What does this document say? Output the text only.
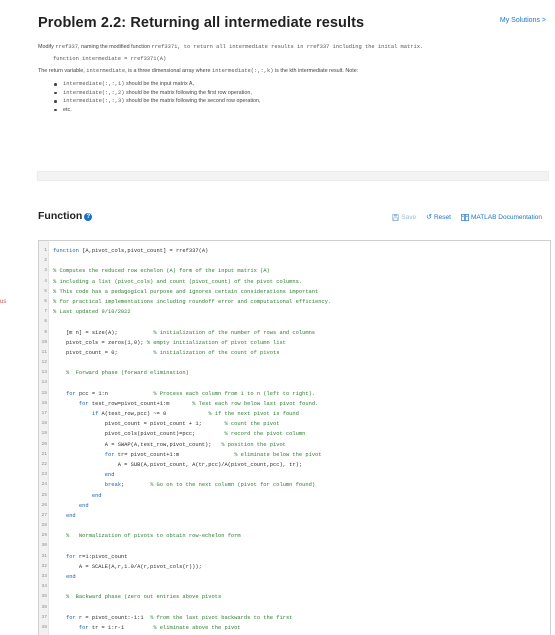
us
Problem 2.2: Returning all intermediate results	My Solutions >

Modify rref337, naming the modified function rref3371, to return all intermediate results in rref337 including the inital matrix.

function intermediate = rref3371(A)

The return variable, intermediate, is a three dimensional array where intermediate(:,:,k) is the kth intermediate result. Note:

intermediate(:,:,1) should be the input matrix A,
intermediate(:,:,2) should be the matrix following the first row operation,
intermediate(:,:,3) should be the matrix following the second row operation,
etc.
Function ?	Save ↺ Reset	MATLAB Documentation
1 function [A,pivot_cols,pivot_count] = rref337(A)
2
3 % Computes the reduced row echelon (A) form of the input matrix (A)
4 % including a list (pivot_cols) and count (pivot_count) of the pivot columns.
5 % This code has a pedagogical purpose and ignores certain considerations important
6 % for practical implementations including roundoff error and computational efficiency.
7 % Last updated 9/10/2022
8
9 [m n] = size(A);           % initialization of the number of rows and columns
10 pivot_cols = zeros(1,0); % empty initialization of pivot column list
11 pivot_count = 0;           % initialization of the count of pivots
12
13	%  Forward phase (forward elimination)
14
15	for pcc = 1:n              % Process each column from 1 to n (left to right).
16	for test_row=pivot_count+1:m       % Test each row below last pivot found.
17	if A(test_row,pcc) ~= 0             % if the next pivot is found
18 pivot_count = pivot_count + 1;       % count the pivot
19 pivot_cols(pivot_count)=pcc;         % record the pivot column
20 A = SWAP(A,test_row,pivot_count);   % position the pivot
21	for tr= pivot_count+1:m                 % eliminate below the pivot
22 A = SUB(A,pivot_count, A(tr,pcc)/A(pivot_count,pcc), tr);
23	end
24	break;        % Go on to the next column (pivot for column found)
25	end
26	end
27	end
28
29	%   Normalization of pivots to obtain row-echelon form
30
31	for r=1:pivot_count
32 A = SCALE(A,r,1.0/A(r,pivot_cols(r)));
33	end
34
35	%  Backward phase (zero out entries above pivots
36
37	for r = pivot_count:-1:1  % from the last pivot backwards to the first
38	for tr = 1:r-1         % eliminate above the pivot
